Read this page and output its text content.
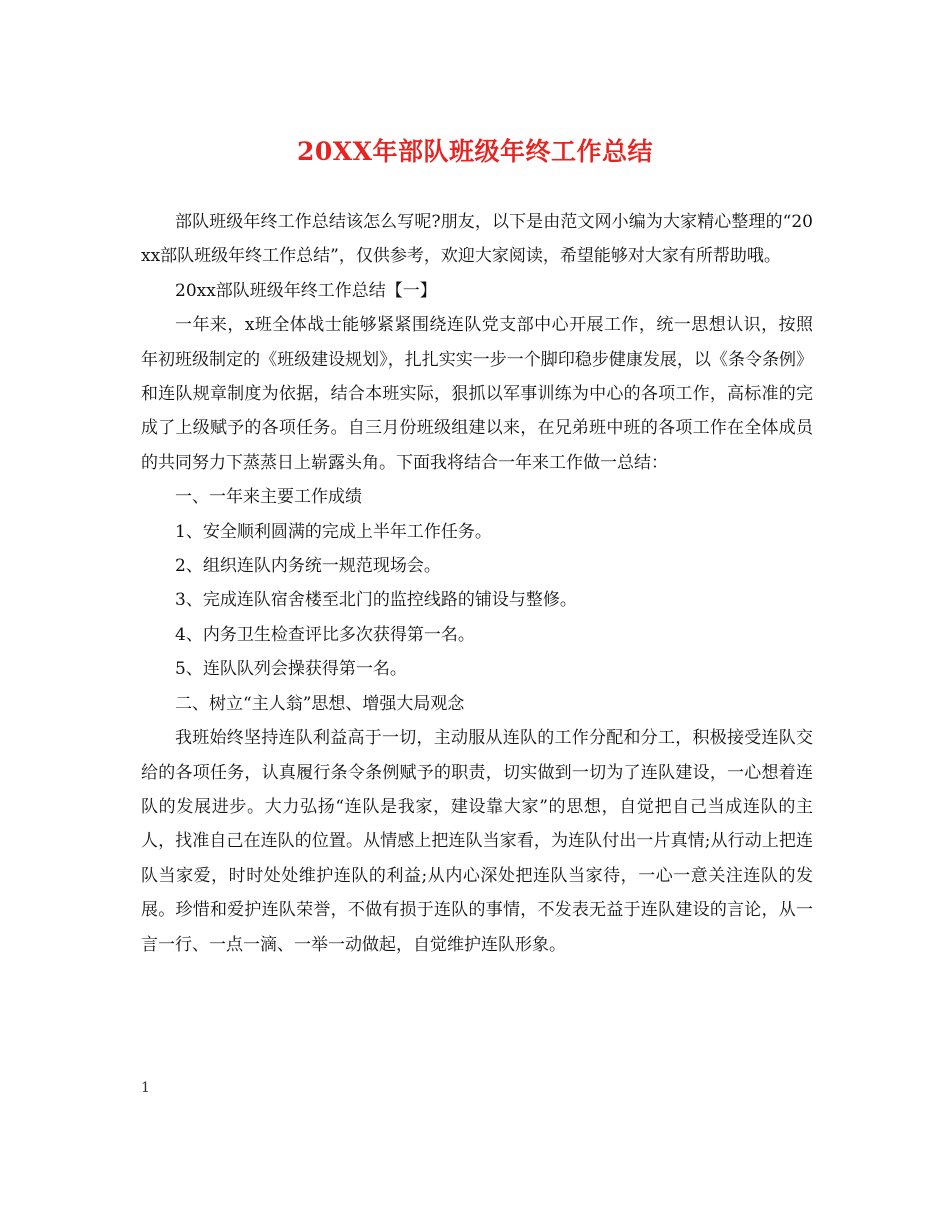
20XX年部队班级年终工作总结

部队班级年终工作总结该怎么写呢?朋友，以下是由范文网小编为大家精心整理的“20xx部队班级年终工作总结”，仅供参考，欢迎大家阅读，希望能够对大家有所帮助哦。

20xx部队班级年终工作总结【一】

一年来，x班全体战士能够紧紧围绕连队党支部中心开展工作，统一思想认识，按照年初班级制定的《班级建设规划》，扎扎实实一步一个脚印稳步健康发展，以《条令条例》和连队规章制度为依据，结合本班实际，狠抓以军事训练为中心的各项工作，高标准的完成了上级赋予的各项任务。自三月份班级组建以来，在兄弟班中班的各项工作在全体成员的共同努力下蒸蒸日上崭露头角。下面我将结合一年来工作做一总结：

一、一年来主要工作成绩

1、安全顺利圆满的完成上半年工作任务。

2、组织连队内务统一规范现场会。

3、完成连队宿舍楼至北门的监控线路的铺设与整修。

4、内务卫生检查评比多次获得第一名。

5、连队队列会操获得第一名。

二、树立“主人翁”思想、增强大局观念

我班始终坚持连队利益高于一切，主动服从连队的工作分配和分工，积极接受连队交给的各项任务，认真履行条令条例赋予的职责，切实做到一切为了连队建设，一心想着连队的发展进步。大力弘扬“连队是我家，建设靠大家”的思想，自觉把自己当成连队的主人，找准自己在连队的位置。从情感上把连队当家看，为连队付出一片真情;从行动上把连队当家爱，时时处处维护连队的利益;从内心深处把连队当家待，一心一意关注连队的发展。珍惜和爱护连队荣誉，不做有损于连队的事情，不发表无益于连队建设的言论，从一言一行、一点一滴、一举一动做起，自觉维护连队形象。

1
